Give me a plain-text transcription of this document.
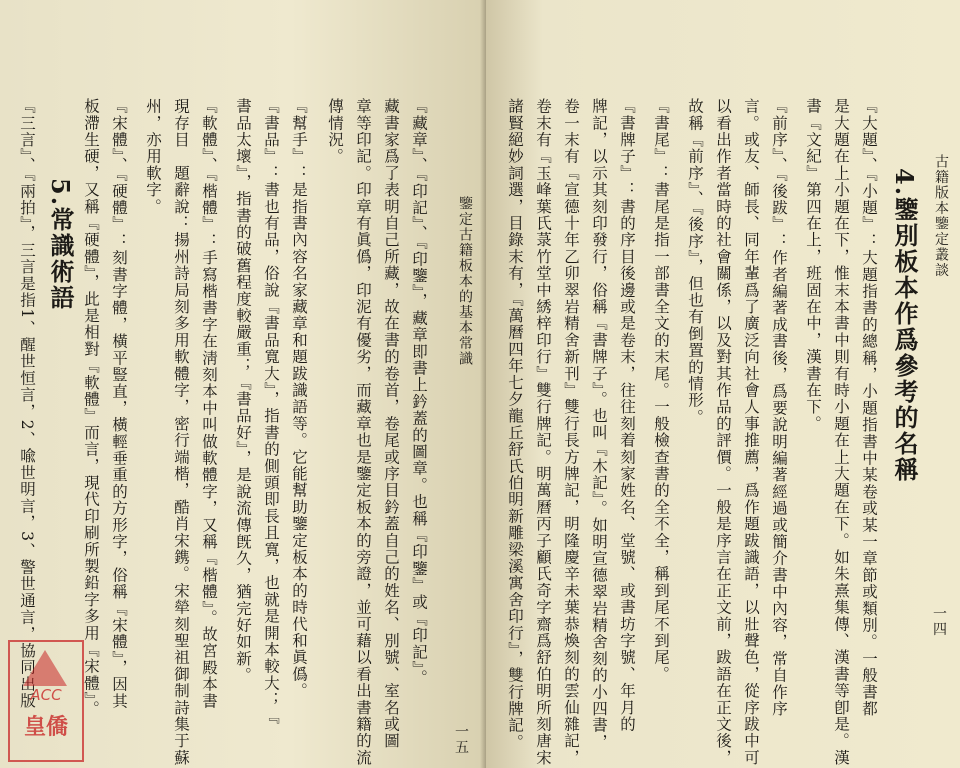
鑒定古籍板本的基本常識
一五
『藏章』、『印記』、『印鑒』，藏章即書上鈐蓋的圖章。也稱『印鑒』或『印記』。
藏書家爲了表明自己所藏，故在書的卷首，卷尾或序目鈐蓋自己的姓名、別號、室名或圖
章等印記。印章有眞僞，印泥有優劣，而藏章也是鑒定板本的旁證，並可藉以看出書籍的流
傳情況。
『幫手』：是指書內容名家藏章和題跋識語等。它能幫助鑒定板本的時代和眞僞。
『書品』：書也有品，俗說『書品寬大』，指書的側頭即長且寬，也就是開本較大；『
書品太壞』，指書的破舊程度較嚴重；『書品好』，是說流傳旣久，猶完好如新。
『軟體』、『楷體』：手寫楷書字在淸刻本中叫做軟體字，又稱『楷體』。故宮殿本書
現存目　題辭說：揚州詩局刻多用軟體字，密行端楷，酷肖宋鎸。宋犖刻聖祖御制詩集于蘇
州，亦用軟字。
『宋體』、『硬體』：刻書字體，橫平豎直，橫輕垂重的方形字，俗稱『宋體』，因其
板滯生硬，又稱『硬體』，此是相對『軟體』而言，現代印刷所製鉛字多用『宋體』。
5.常識術語
『三言』、『兩拍』，三言是指1、醒世恒言，2、喩世明言，3、警世通言，協同出版	古籍版本鑒定叢談
一四
4.鑒別板本作爲參考的名稱
『大題』、『小題』：大題指書的總稱，小題指書中某卷或某一章節或類別。一般書都
是大題在上小題在下，惟末本書中則有時小題在上大題在下。如朱熹集傳、漢書等卽是。漢
書『文紀』第四在上，班固在中，漢書在下。
『前序』、『後跋』：作者編著成書後，爲要說明編著經過或簡介書中內容，常自作序
言。或友、師長、同年輩爲了廣泛向社會人事推薦，爲作題跋識語，以壯聲色，從序跋中可
以看出作者當時的社會關係，以及對其作品的評價。一般是序言在正文前，跋語在正文後，
故稱『前序』、『後序』，但也有倒置的情形。
『書尾』：書尾是指一部書全文的末尾。一般檢查書的全不全，稱到尾不到尾。
『書牌子』：書的序目後邊或是卷末，往往刻着刻家姓名、堂號、或書坊字號、年月的
牌記，以示其刻印發行，俗稱『書牌子』。也叫『木記』。如明宣德翠岩精舍刻的小四書，
卷一末有『宣德十年乙卯翠岩精舍新刊』雙行長方牌記，明隆慶辛未葉恭煥刻的雲仙雜記，
卷末有『玉峰葉氏菉竹堂中綉梓印行』雙行牌記。明萬曆丙子顧氏奇字齋爲舒伯明所刻唐宋
諸賢絕妙詞選，目錄末有，『萬曆四年七夕龍丘舒氏伯明新雕梁溪寓舍印行』，雙行牌記。
ACC
皇僑
